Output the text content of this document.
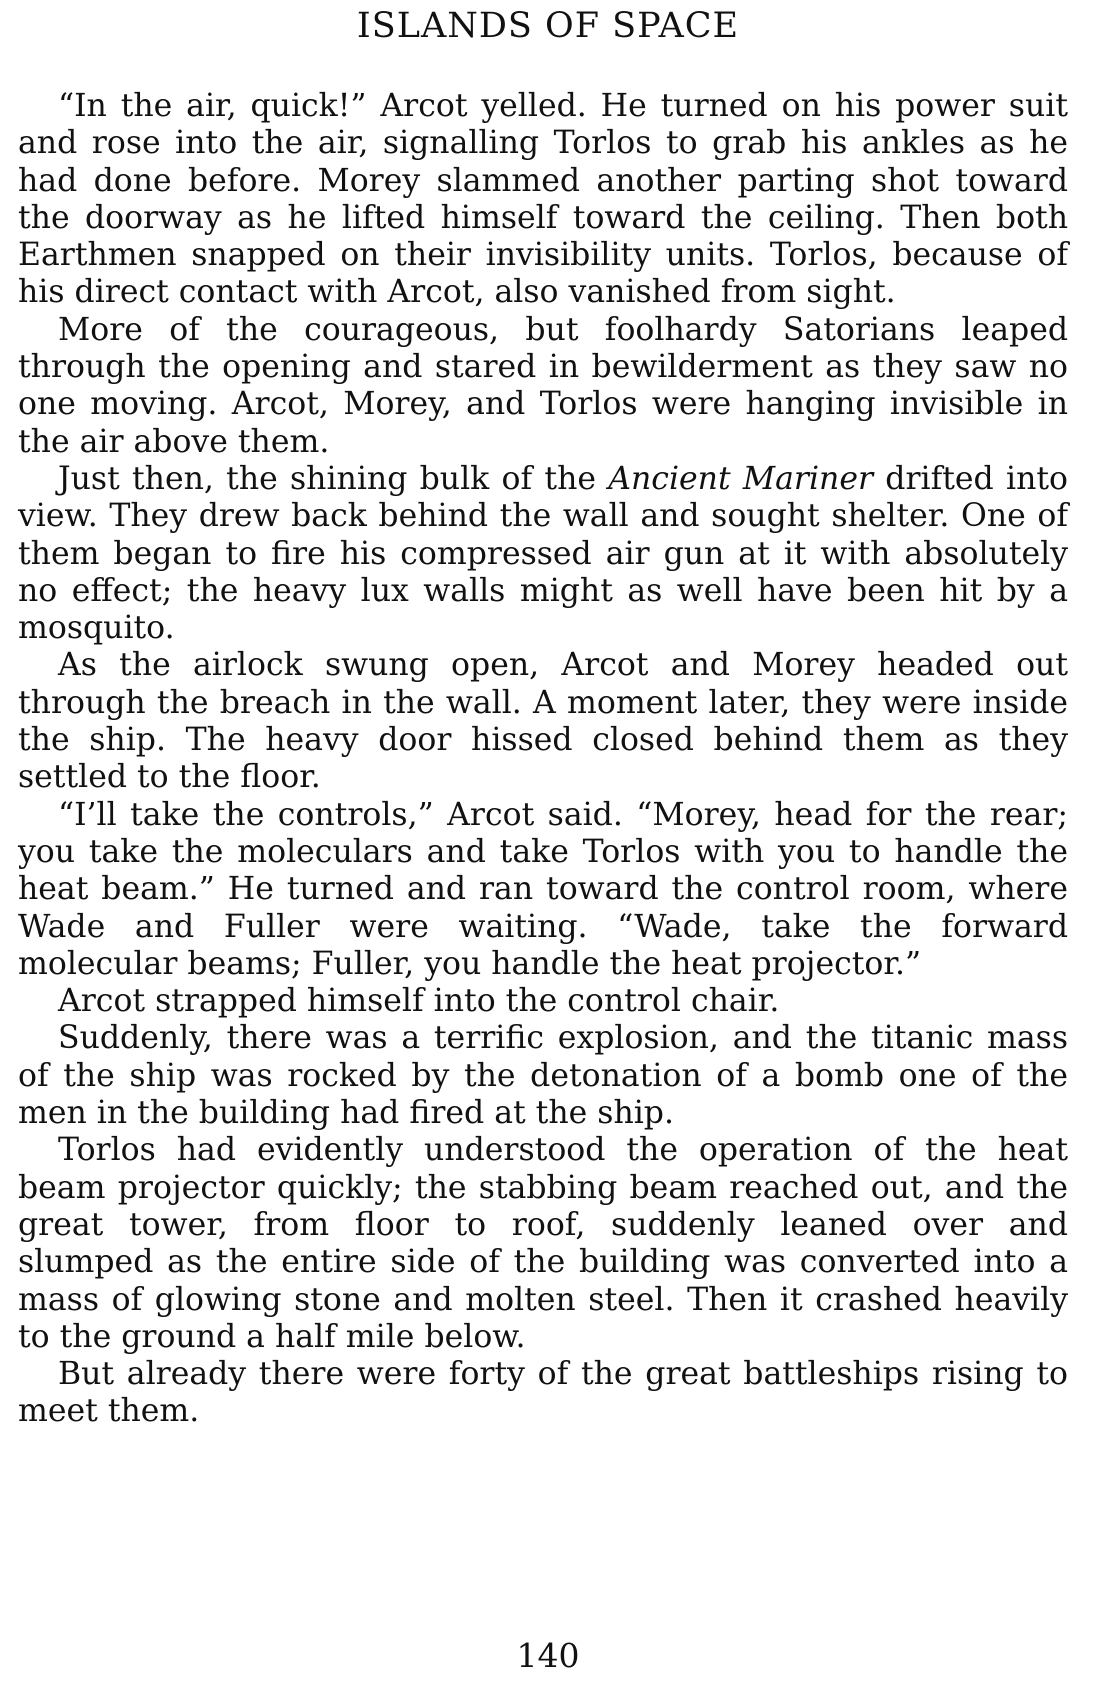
ISLANDS OF SPACE

“In the air, quick!” Arcot yelled. He turned on his power suit and rose into the air, signalling Torlos to grab his ankles as he had done before. Morey slammed another parting shot toward the doorway as he lifted himself toward the ceiling. Then both Earthmen snapped on their invisibility units. Torlos, because of his direct contact with Arcot, also vanished from sight.

More of the courageous, but foolhardy Satorians leaped through the opening and stared in bewilderment as they saw no one moving. Arcot, Morey, and Torlos were hanging invisible in the air above them.

Just then, the shining bulk of the Ancient Mariner drifted into view. They drew back behind the wall and sought shelter. One of them began to fire his compressed air gun at it with absolutely no effect; the heavy lux walls might as well have been hit by a mosquito.

As the airlock swung open, Arcot and Morey headed out through the breach in the wall. A moment later, they were inside the ship. The heavy door hissed closed behind them as they settled to the floor.

“I’ll take the controls,” Arcot said. “Morey, head for the rear; you take the moleculars and take Torlos with you to handle the heat beam.” He turned and ran toward the control room, where Wade and Fuller were waiting. “Wade, take the forward molecular beams; Fuller, you handle the heat projector.”

Arcot strapped himself into the control chair.

Suddenly, there was a terrific explosion, and the titanic mass of the ship was rocked by the detonation of a bomb one of the men in the building had fired at the ship.

Torlos had evidently understood the operation of the heat beam projector quickly; the stabbing beam reached out, and the great tower, from floor to roof, suddenly leaned over and slumped as the entire side of the building was converted into a mass of glowing stone and molten steel. Then it crashed heavily to the ground a half mile below.

But already there were forty of the great battleships rising to meet them.

140
